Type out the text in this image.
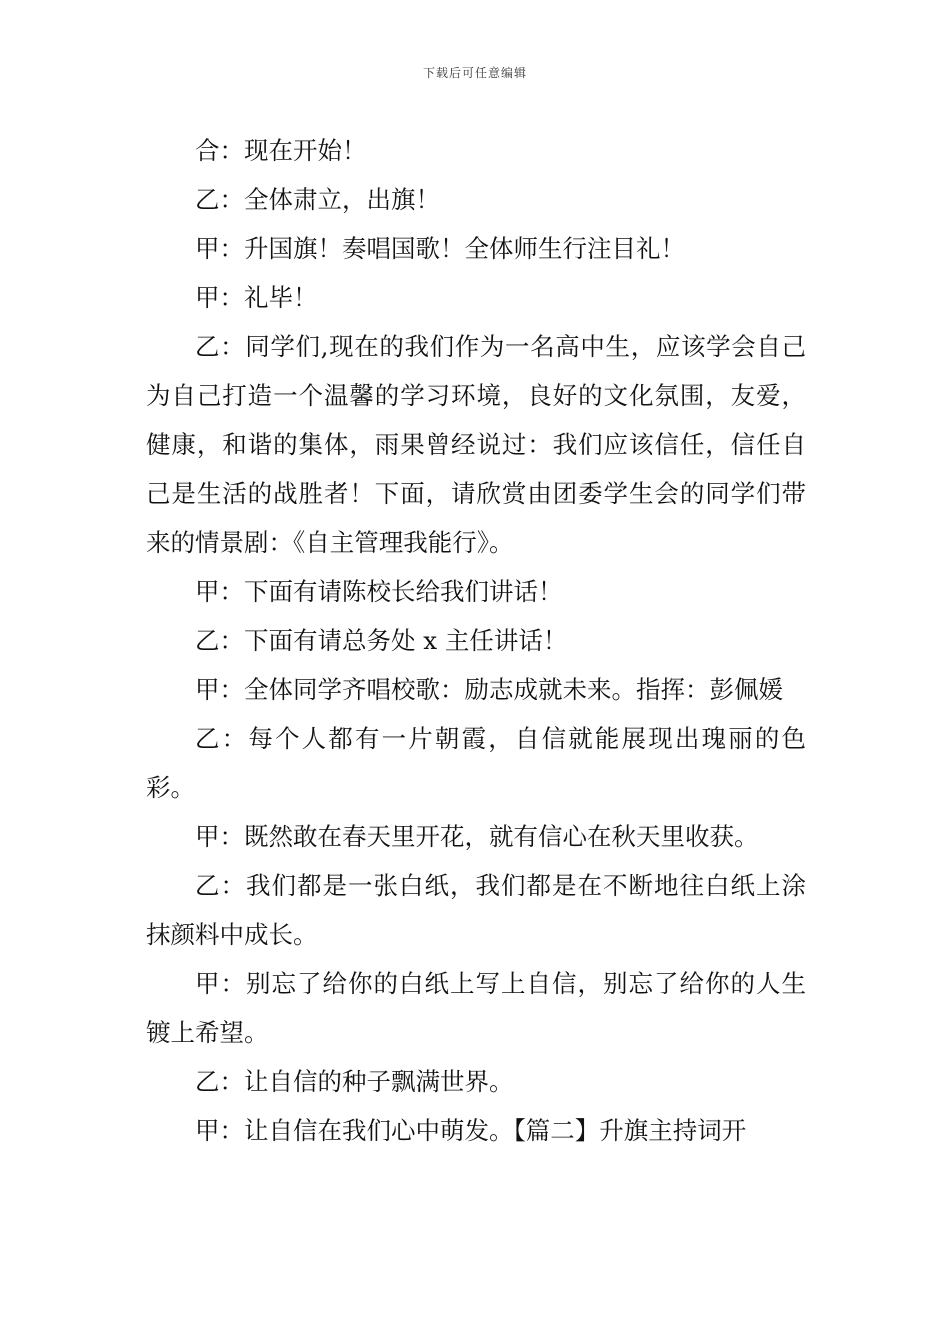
下载后可任意编辑

合：现在开始！

乙：全体肃立，出旗！

甲：升国旗！奏唱国歌！全体师生行注目礼！

甲：礼毕！

乙：同学们,现在的我们作为一名高中生，应该学会自己为自己打造一个温馨的学习环境，良好的文化氛围，友爱，健康，和谐的集体，雨果曾经说过：我们应该信任，信任自己是生活的战胜者！下面，请欣赏由团委学生会的同学们带来的情景剧：《自主管理我能行》。

甲：下面有请陈校长给我们讲话！

乙：下面有请总务处 x 主任讲话！

甲：全体同学齐唱校歌：励志成就未来。指挥：彭佩媛

乙：每个人都有一片朝霞，自信就能展现出瑰丽的色彩。

甲：既然敢在春天里开花，就有信心在秋天里收获。

乙：我们都是一张白纸，我们都是在不断地往白纸上涂抹颜料中成长。

甲：别忘了给你的白纸上写上自信，别忘了给你的人生镀上希望。

乙：让自信的种子飘满世界。

甲：让自信在我们心中萌发。【篇二】升旗主持词开
